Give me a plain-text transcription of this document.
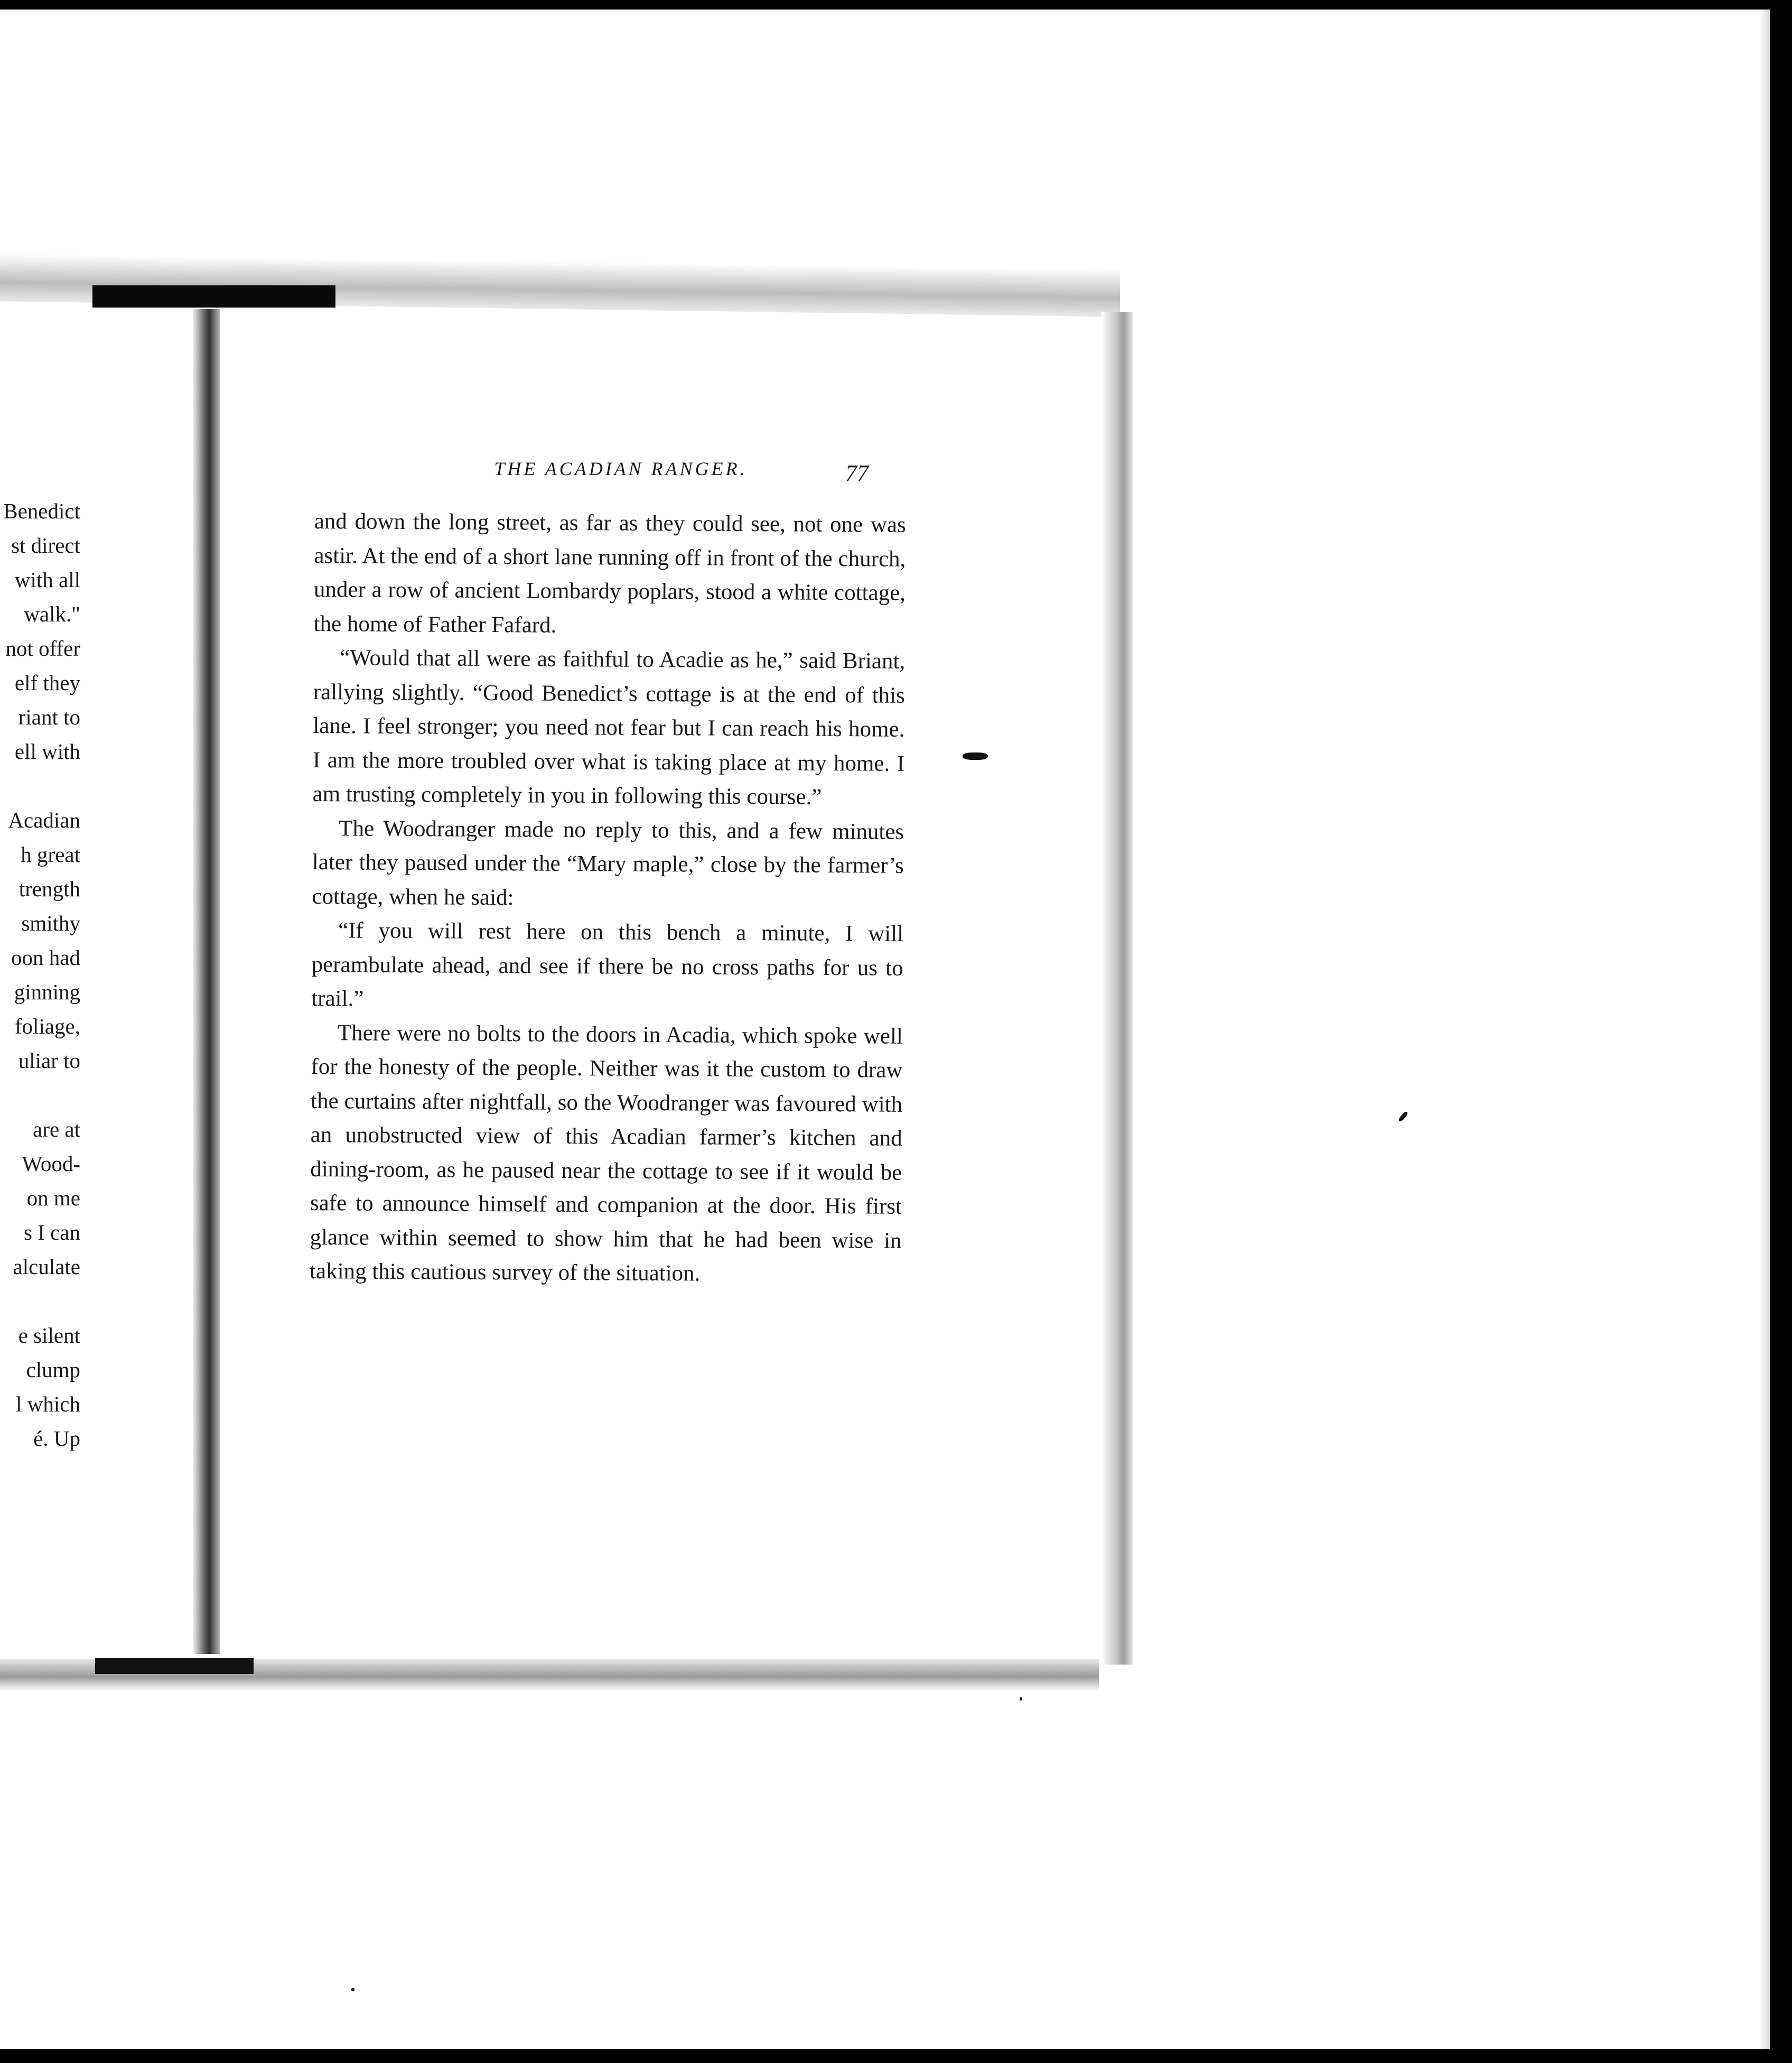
Benedict
st direct
with all
walk."
not offer
elf they
riant to
ell with
Acadian
h great
trength
smithy
oon had
ginning
foliage,
uliar to
are at
Wood-
on me
s I can
alculate
e silent
clump
l which
é. Up
THE ACADIAN RANGER.	77

and down the long street, as far as they could see, not one was astir. At the end of a short lane running off in front of the church, under a row of ancient Lombardy poplars, stood a white cottage, the home of Father Fafard.

“Would that all were as faithful to Acadie as he,” said Briant, rallying slightly. “Good Benedict’s cottage is at the end of this lane. I feel stronger; you need not fear but I can reach his home. I am the more troubled over what is taking place at my home. I am trusting completely in you in following this course.”

The Woodranger made no reply to this, and a few minutes later they paused under the “Mary maple,” close by the farmer’s cottage, when he said:

“If you will rest here on this bench a minute, I will perambulate ahead, and see if there be no cross paths for us to trail.”

There were no bolts to the doors in Acadia, which spoke well for the honesty of the people. Neither was it the custom to draw the curtains after nightfall, so the Woodranger was favoured with an unobstructed view of this Acadian farmer’s kitchen and dining-room, as he paused near the cottage to see if it would be safe to announce himself and companion at the door. His first glance within seemed to show him that he had been wise in taking this cautious survey of the situation.
